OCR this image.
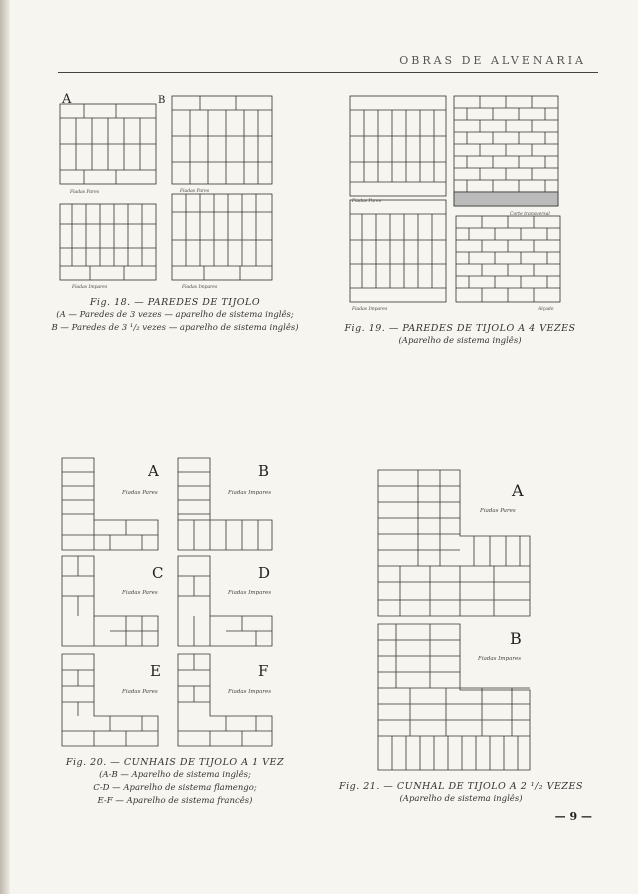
OBRAS DE ALVENARIA
A	B
Fiadas Pares	Fiadas Pares
Fiadas Impares	Fiadas Impares
Fiadas Pares
Fiadas Impares
Corte transversal
Alçado
A	B
C	D
E	F
Fiadas Pares	Fiadas Impares
Fiadas Pares	Fiadas Impares
Fiadas Pares	Fiadas Impares
A
B
Fiadas Pares
Fiadas Impares
Fig. 18. — PAREDES DE TIJOLO
(A — Paredes de 3 vezes — aparelho de sistema inglês;
B — Paredes de 3 ¹/₂ vezes — aparelho de sistema inglês)	Fig. 19. — PAREDES DE TIJOLO A 4 VEZES
(Aparelho de sistema inglês)
Fig. 20. — CUNHAIS DE TIJOLO A 1 VEZ
(A-B — Aparelho de sistema inglês;
C-D — Aparelho de sistema flamengo;
E-F — Aparelho de sistema francês)
Fig. 21. — CUNHAL DE TIJOLO A 2 ¹/₂ VEZES
(Aparelho de sistema inglês)
— 9 —
